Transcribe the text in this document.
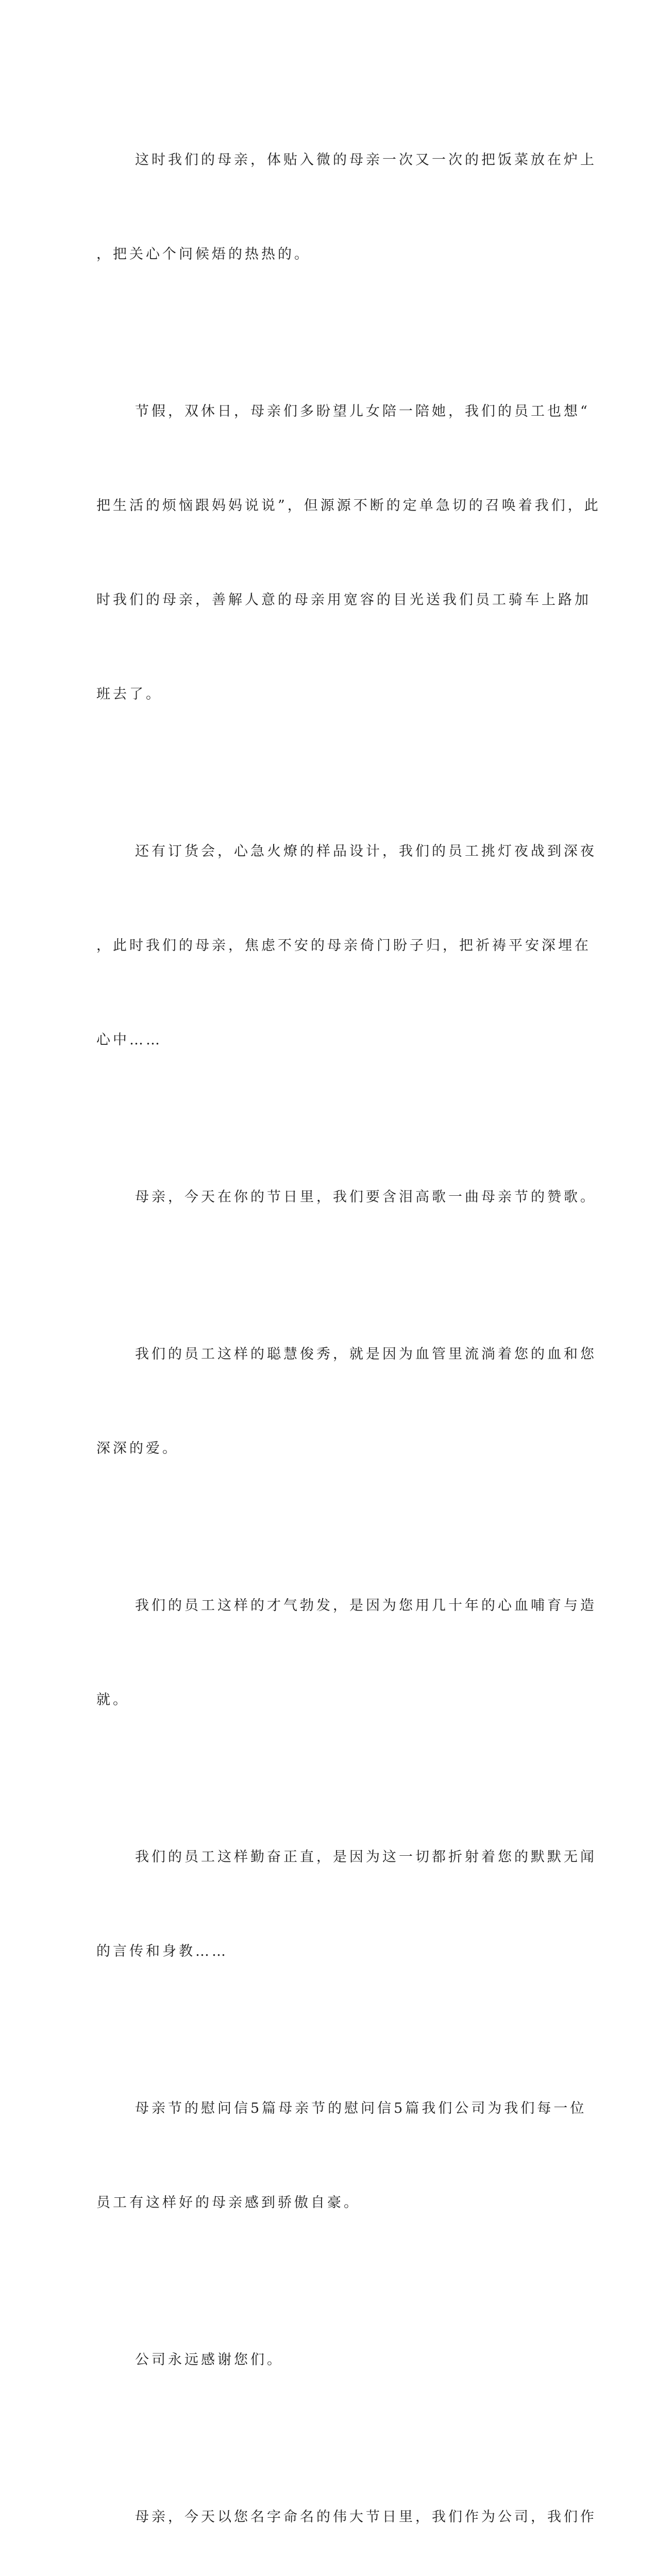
这时我们的母亲，体贴入微的母亲一次又一次的把饭菜放在炉上

，把关心个问候焐的热热的。

节假，双休日，母亲们多盼望儿女陪一陪她，我们的员工也想“

把生活的烦恼跟妈妈说说”，但源源不断的定单急切的召唤着我们，此

时我们的母亲，善解人意的母亲用宽容的目光送我们员工骑车上路加

班去了。

还有订货会，心急火燎的样品设计，我们的员工挑灯夜战到深夜

，此时我们的母亲，焦虑不安的母亲倚门盼子归，把祈祷平安深埋在

心中……

母亲，今天在你的节日里，我们要含泪高歌一曲母亲节的赞歌。

我们的员工这样的聪慧俊秀，就是因为血管里流淌着您的血和您

深深的爱。

我们的员工这样的才气勃发，是因为您用几十年的心血哺育与造

就。

我们的员工这样勤奋正直，是因为这一切都折射着您的默默无闻

的言传和身教……

母亲节的慰问信5篇母亲节的慰问信5篇我们公司为我们每一位

员工有这样好的母亲感到骄傲自豪。

公司永远感谢您们。

母亲，今天以您名字命名的伟大节日里，我们作为公司，我们作
